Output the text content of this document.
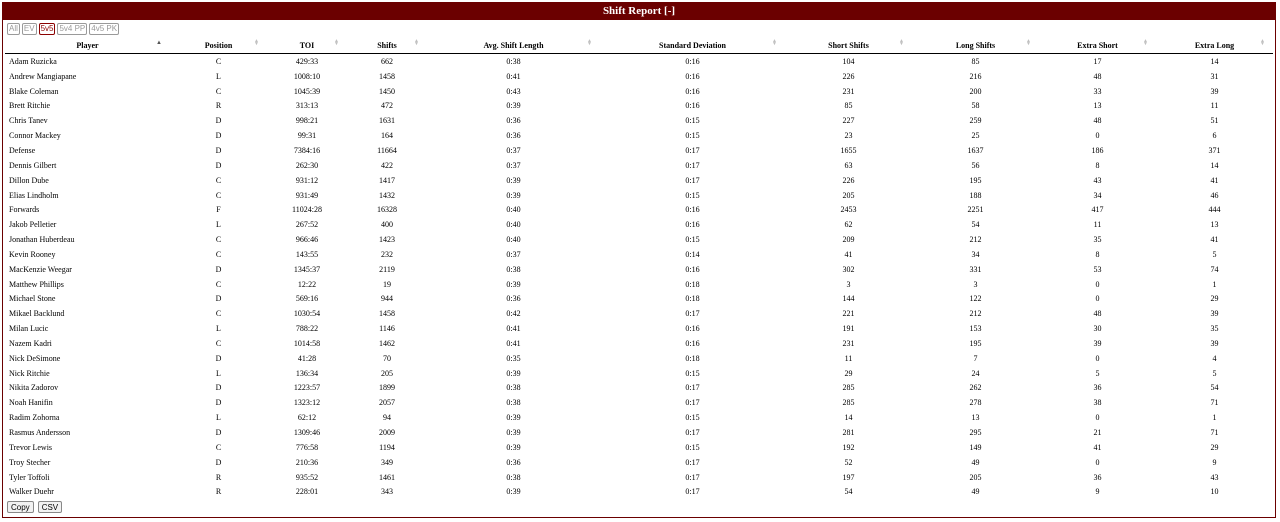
Shift Report [-]
All EV 5v5 5v4 PP 4v5 PK
Player ▲	Position ▲▼	TOI ▲▼	Shifts ▲▼	Avg. Shift Length ▲▼	Standard Deviation ▲▼	Short Shifts ▲▼	Long Shifts ▲▼	Extra Short ▲▼	Extra Long ▲▼

Adam Ruzicka	C	429:33	662	0:38	0:16	104	85	17	14
Andrew Mangiapane	L	1008:10	1458	0:41	0:16	226	216	48	31
Blake Coleman	C	1045:39	1450	0:43	0:16	231	200	33	39
Brett Ritchie	R	313:13	472	0:39	0:16	85	58	13	11
Chris Tanev	D	998:21	1631	0:36	0:15	227	259	48	51
Connor Mackey	D	99:31	164	0:36	0:15	23	25	0	6
Defense	D	7384:16	11664	0:37	0:17	1655	1637	186	371
Dennis Gilbert	D	262:30	422	0:37	0:17	63	56	8	14
Dillon Dube	C	931:12	1417	0:39	0:17	226	195	43	41
Elias Lindholm	C	931:49	1432	0:39	0:15	205	188	34	46
Forwards	F	11024:28	16328	0:40	0:16	2453	2251	417	444
Jakob Pelletier	L	267:52	400	0:40	0:16	62	54	11	13
Jonathan Huberdeau	C	966:46	1423	0:40	0:15	209	212	35	41
Kevin Rooney	C	143:55	232	0:37	0:14	41	34	8	5
MacKenzie Weegar	D	1345:37	2119	0:38	0:16	302	331	53	74
Matthew Phillips	C	12:22	19	0:39	0:18	3	3	0	1
Michael Stone	D	569:16	944	0:36	0:18	144	122	0	29
Mikael Backlund	C	1030:54	1458	0:42	0:17	221	212	48	39
Milan Lucic	L	788:22	1146	0:41	0:16	191	153	30	35
Nazem Kadri	C	1014:58	1462	0:41	0:16	231	195	39	39
Nick DeSimone	D	41:28	70	0:35	0:18	11	7	0	4
Nick Ritchie	L	136:34	205	0:39	0:15	29	24	5	5
Nikita Zadorov	D	1223:57	1899	0:38	0:17	285	262	36	54
Noah Hanifin	D	1323:12	2057	0:38	0:17	285	278	38	71
Radim Zohorna	L	62:12	94	0:39	0:15	14	13	0	1
Rasmus Andersson	D	1309:46	2009	0:39	0:17	281	295	21	71
Trevor Lewis	C	776:58	1194	0:39	0:15	192	149	41	29
Troy Stecher	D	210:36	349	0:36	0:17	52	49	0	9
Tyler Toffoli	R	935:52	1461	0:38	0:17	197	205	36	43
Walker Duehr	R	228:01	343	0:39	0:17	54	49	9	10
Copy	CSV
